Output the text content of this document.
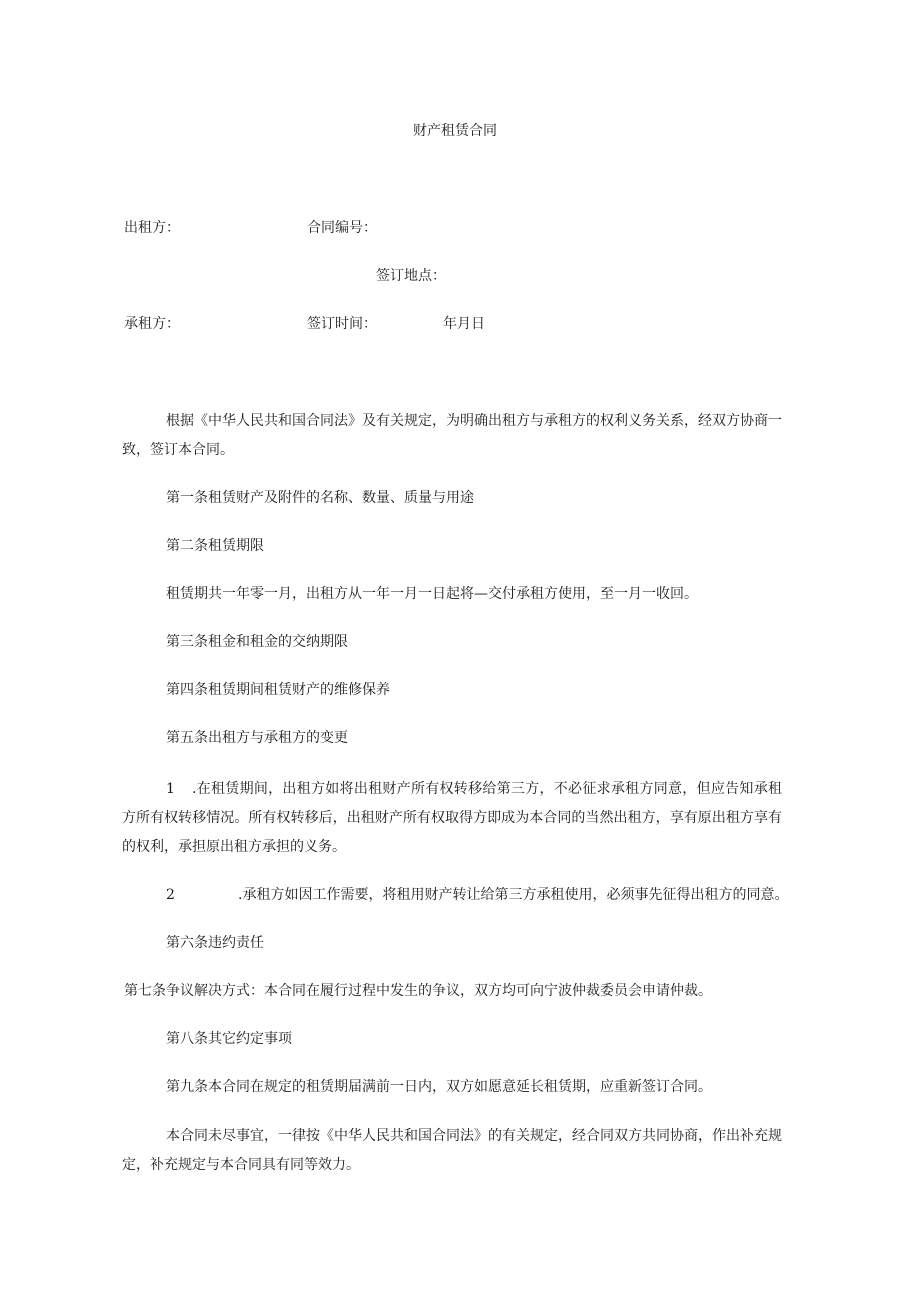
财产租赁合同
出租方：	合同编号：
签订地点：
承租方：	签订时间：	年月日
根据《中华人民共和国合同法》及有关规定，为明确出租方与承租方的权利义务关系，经双方协商一致，签订本合同。
第一条租赁财产及附件的名称、数量、质量与用途
第二条租赁期限
租赁期共一年零一月，出租方从一年一月一日起将—交付承租方使用，至一月一收回。
第三条租金和租金的交纳期限
第四条租赁期间租赁财产的维修保养
第五条出租方与承租方的变更
1	.在租赁期间，出租方如将出租财产所有权转移给第三方，不必征求承租方同意，但应告知承租方所有权转移情况。所有权转移后，出租财产所有权取得方即成为本合同的当然出租方，享有原出租方享有的权利，承担原出租方承担的义务。
2	.承租方如因工作需要，将租用财产转让给第三方承租使用，必须事先征得出租方的同意。
第六条违约责任
第七条争议解决方式：本合同在履行过程中发生的争议，双方均可向宁波仲裁委员会申请仲裁。
第八条其它约定事项
第九条本合同在规定的租赁期届满前一日内，双方如愿意延长租赁期，应重新签订合同。
本合同未尽事宜，一律按《中华人民共和国合同法》的有关规定，经合同双方共同协商，作出补充规定，补充规定与本合同具有同等效力。
